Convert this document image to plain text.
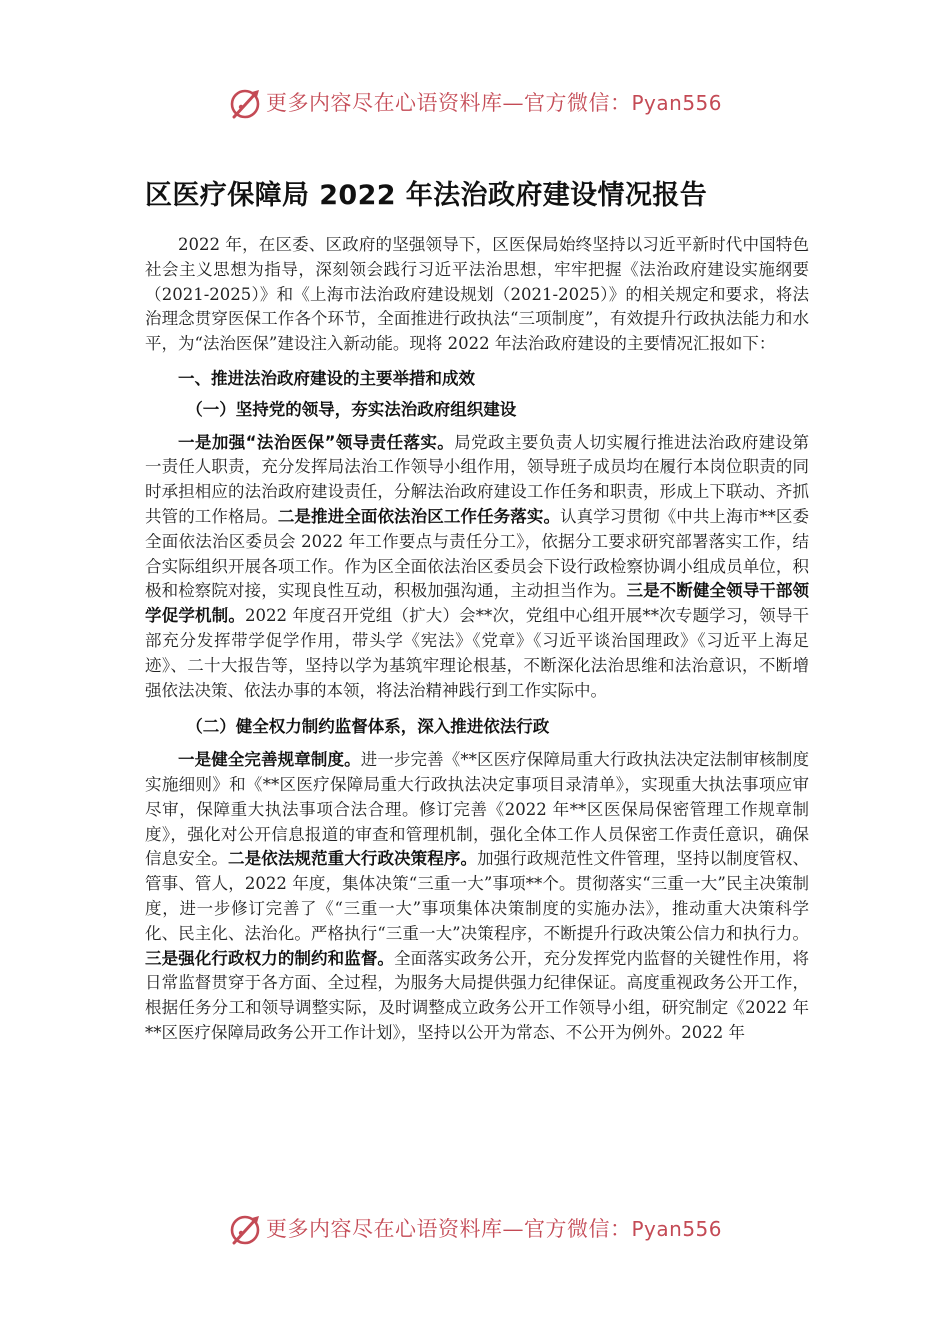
更多内容尽在心语资料库—官方微信：Pyan556
区医疗保障局 2022 年法治政府建设情况报告

2022 年，在区委、区政府的坚强领导下，区医保局始终坚持以习近平新时代中国特色社会主义思想为指导，深刻领会践行习近平法治思想，牢牢把握《法治政府建设实施纲要（2021-2025）》和《上海市法治政府建设规划（2021-2025）》的相关规定和要求，将法治理念贯穿医保工作各个环节，全面推进行政执法“三项制度”，有效提升行政执法能力和水平，为“法治医保”建设注入新动能。现将 2022 年法治政府建设的主要情况汇报如下：

一、推进法治政府建设的主要举措和成效

（一）坚持党的领导，夯实法治政府组织建设

一是加强“法治医保”领导责任落实。局党政主要负责人切实履行推进法治政府建设第一责任人职责，充分发挥局法治工作领导小组作用，领导班子成员均在履行本岗位职责的同时承担相应的法治政府建设责任，分解法治政府建设工作任务和职责，形成上下联动、齐抓共管的工作格局。二是推进全面依法治区工作任务落实。认真学习贯彻《中共上海市**区委全面依法治区委员会 2022 年工作要点与责任分工》，依据分工要求研究部署落实工作，结合实际组织开展各项工作。作为区全面依法治区委员会下设行政检察协调小组成员单位，积极和检察院对接，实现良性互动，积极加强沟通，主动担当作为。三是不断健全领导干部领学促学机制。2022 年度召开党组（扩大）会**次，党组中心组开展**次专题学习，领导干部充分发挥带学促学作用，带头学《宪法》《党章》《习近平谈治国理政》《习近平上海足迹》、二十大报告等，坚持以学为基筑牢理论根基，不断深化法治思维和法治意识，不断增强依法决策、依法办事的本领，将法治精神践行到工作实际中。

（二）健全权力制约监督体系，深入推进依法行政

一是健全完善规章制度。进一步完善《**区医疗保障局重大行政执法决定法制审核制度实施细则》和《**区医疗保障局重大行政执法决定事项目录清单》，实现重大执法事项应审尽审，保障重大执法事项合法合理。修订完善《2022 年**区医保局保密管理工作规章制度》，强化对公开信息报道的审查和管理机制，强化全体工作人员保密工作责任意识，确保信息安全。二是依法规范重大行政决策程序。加强行政规范性文件管理，坚持以制度管权、管事、管人，2022 年度，集体决策“三重一大”事项**个。贯彻落实“三重一大”民主决策制度，进一步修订完善了《“三重一大”事项集体决策制度的实施办法》，推动重大决策科学化、民主化、法治化。严格执行“三重一大”决策程序，不断提升行政决策公信力和执行力。三是强化行政权力的制约和监督。全面落实政务公开，充分发挥党内监督的关键性作用，将日常监督贯穿于各方面、全过程，为服务大局提供强力纪律保证。高度重视政务公开工作，根据任务分工和领导调整实际，及时调整成立政务公开工作领导小组，研究制定《2022 年**区医疗保障局政务公开工作计划》，坚持以公开为常态、不公开为例外。2022 年

更多内容尽在心语资料库—官方微信：Pyan556
